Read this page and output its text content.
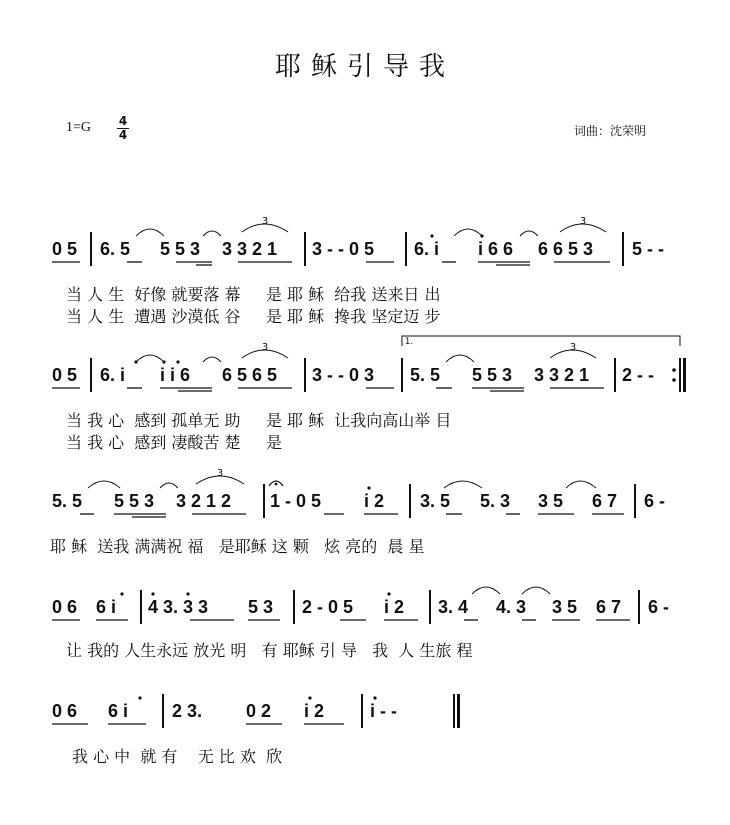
耶稣引导我
1=G 4
4	词曲：沈荣明
0 5 6. 5 5 5 3 3 3 2 1 3 - - 0 5 6. i i 6 6 6 6 5 3 5 - -
当 人 生  好像 就要落 幕     是 耶 稣  给我 送来日 出
当 人 生  遭遇 沙漠低 谷     是 耶 稣  搀我 坚定迈 步
0 5 6. i i i 6 6 5 6 5 3 - - 0 3 5. 5 5 5 3 3 3 2 1 2 - -
当 我 心  感到 孤单无 助     是 耶 稣  让我向高山举 目
当 我 心  感到 凄酸苦 楚     是
5. 5 5 5 3 3 2 1 2 1 - 0 5 i 2 3. 5 5. 3 3 5 6 7 6 -
耶 稣  送我 满满祝 福   是耶稣 这 颗   炫 亮的  晨 星
0 6 6 i 4 3. 3 3 5 3 2 - 0 5 i 2 3. 4 4. 3 3 5 6 7 6 -
让 我的 人生永远 放光 明   有 耶稣 引 导   我  人 生旅 程
0 6 6 i 2 3. 0 2 i 2	i - -
我 心 中  就 有    无 比 欢  欣
3	3
3	3
3
1.
